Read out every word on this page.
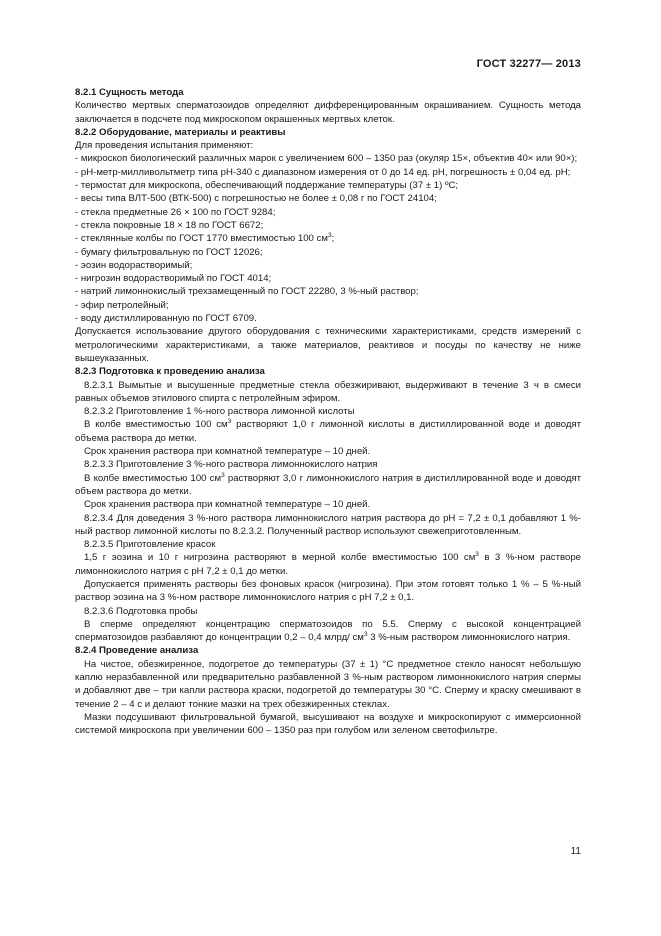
ГОСТ 32277— 2013

8.2.1 Сущность метода

Количество мертвых сперматозоидов определяют дифференцированным окрашиванием. Сущность метода заключается в подсчете под микроскопом окрашенных мертвых клеток.

8.2.2 Оборудование, материалы и реактивы

Для проведения испытания применяют:

- микроскоп биологический различных марок с увеличением 600 – 1350 раз (окуляр 15×, объектив 40× или 90×);

- рН-метр-милливольтметр типа рН-340 с диапазоном измерения от 0 до 14 ед. рН, погрешность ± 0,04 ед. рН;

- термостат для микроскопа, обеспечивающий поддержание температуры (37 ± 1) ºС;

- весы типа ВЛТ-500 (ВТК-500) с погрешностью не более ± 0,08 г по ГОСТ 24104;

- стекла предметные 26 × 100 по ГОСТ 9284;

- стекла покровные 18 × 18 по ГОСТ 6672;

- стеклянные колбы по ГОСТ 1770 вместимостью 100 $см^3$;

- бумагу фильтровальную по ГОСТ 12026;

- эозин водорастворимый;

- нигрозин водорастворимый по ГОСТ 4014;

- натрий лимоннокислый трехзамещенный по ГОСТ 22280, 3 %-ный раствор;

- эфир петролейный;

- воду дистиллированную по ГОСТ 6709.

Допускается использование другого оборудования с техническими характеристиками, средств измерений с метрологическими характеристиками, а также материалов, реактивов и посуды по качеству не ниже вышеуказанных.

8.2.3 Подготовка к проведению анализа

8.2.3.1 Вымытые и высушенные предметные стекла обезжиривают, выдерживают в течение 3 ч в смеси равных объемов этилового спирта с петролейным эфиром.

8.2.3.2 Приготовление 1 %-ного раствора лимонной кислоты

В колбе вместимостью 100 $см^3$ растворяют 1,0 г лимонной кислоты в дистиллированной воде и доводят объема раствора до метки.

Срок хранения раствора при комнатной температуре – 10 дней.

8.2.3.3 Приготовление 3 %-ного раствора лимоннокислого натрия

В колбе вместимостью 100 $см^3$ растворяют 3,0 г лимоннокислого натрия в дистиллированной воде и доводят объем раствора до метки.

Срок хранения раствора при комнатной температуре – 10 дней.

8.2.3.4 Для доведения 3 %-ного раствора лимоннокислого натрия раствора до рН = 7,2 ± 0,1 добавляют 1 %-ный раствор лимонной кислоты по 8.2.3.2. Полученный раствор используют свежеприготовленным.

8.2.3.5 Приготовление красок

1,5 г эозина и 10 г нигрозина растворяют в мерной колбе вместимостью 100 $см^3$ в 3 %-ном растворе лимоннокислого натрия с рН 7,2 ± 0,1 до метки.

Допускается применять растворы без фоновых красок (нигрозина). При этом готовят только 1 % – 5 %-ный раствор эозина на 3 %-ном растворе лимоннокислого натрия с рН 7,2 ± 0,1.

8.2.3.6 Подготовка пробы

В сперме определяют концентрацию сперматозоидов по 5.5. Сперму с высокой концентрацией сперматозоидов разбавляют до концентрации 0,2 – 0,4 млрд/ $см^3$ 3 %-ным раствором лимоннокислого натрия.

8.2.4 Проведение анализа

На чистое, обезжиренное, подогретое до температуры (37 ± 1) °С предметное стекло наносят небольшую каплю неразбавленной или предварительно разбавленной 3 %-ным раствором лимоннокислого натрия спермы и добавляют две – три капли раствора краски, подогретой до температуры 30 °С. Сперму и краску смешивают в течение 2 – 4 с и делают тонкие мазки на трех обезжиренных стеклах.

Мазки подсушивают фильтровальной бумагой, высушивают на воздухе и микроскопируют с иммерсионной системой микроскопа при увеличении 600 – 1350 раз при голубом или зеленом светофильтре.

11
